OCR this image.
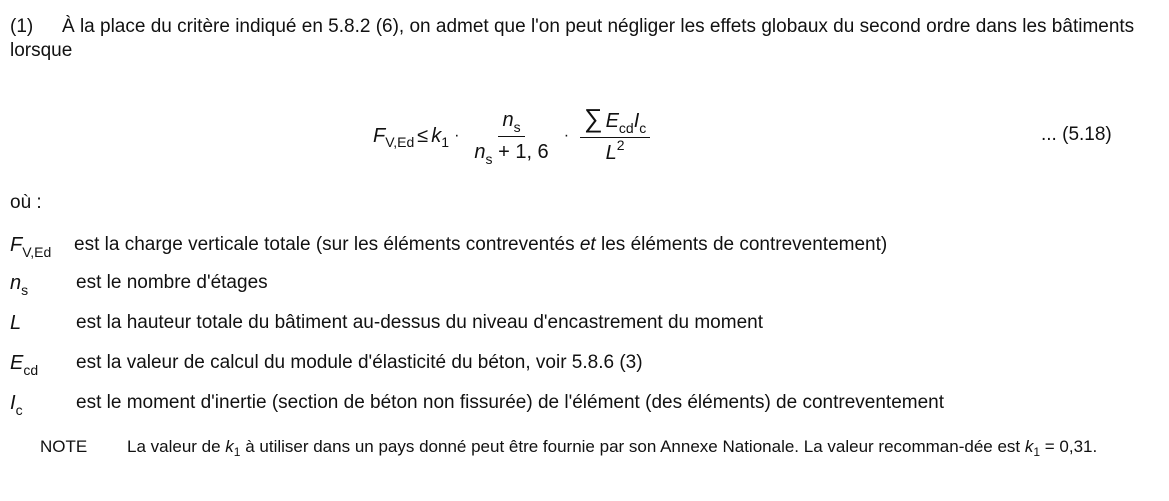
(1) À la place du critère indiqué en 5.8.2 (6), on admet que l'on peut négliger les effets globaux du second ordre dans les bâtiments lorsque
F V,Ed ≤ k $1 \cdot \frac{n_s}{n_s + 1, 6} \cdot \frac{\sum E_{cd}I_c}{L^2}$	... (5.18)
où :
$F_{V,Ed}$ est la charge verticale totale (sur les éléments contreventés et les éléments de contreventement)
$n_s$	est le nombre d'étages
L	est la hauteur totale du bâtiment au-dessus du niveau d'encastrement du moment
$E_{cd}$ est la valeur de calcul du module d'élasticité du béton, voir 5.8.6 (3)
$I_c$	est le moment d'inertie (section de béton non fissurée) de l'élément (des éléments) de contreventement
NOTE La valeur de $k_1$ à utiliser dans un pays donné peut être fournie par son Annexe Nationale. La valeur recomman-dée est $k_1 = 0,31$.
